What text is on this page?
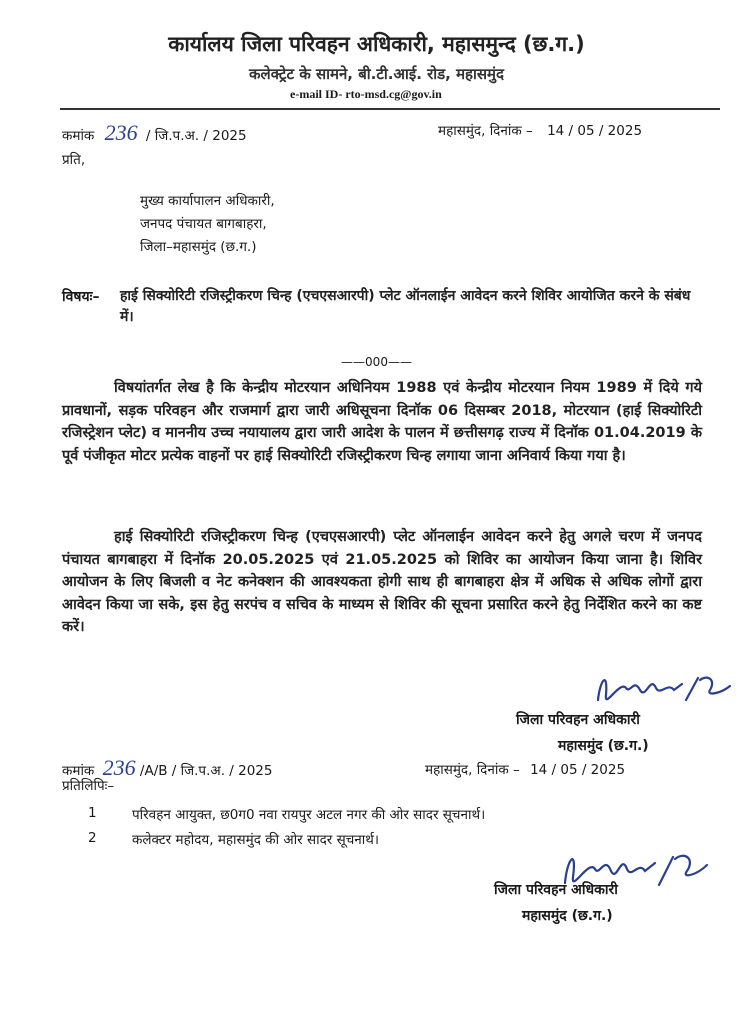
कार्यालय जिला परिवहन अधिकारी, महासमुन्द (छ.ग.)
कलेक्ट्रेट के सामने, बी.टी.आई. रोड, महासमुंद
e-mail ID- rto-msd.cg@gov.in
कमांक 236 / जि.प.अ. / 2025	महासमुंद, दिनांक – 14 / 05 / 2025
प्रति,
मुख्य कार्यापालन अधिकारी,
जनपद पंचायत बागबाहरा,
जिला–महासमुंद (छ.ग.)
विषयः– हाई सिक्योरिटी रजिस्ट्रीकरण चिन्ह (एचएसआरपी) प्लेट ऑनलाईन आवेदन करने शिविर आयोजित करने के संबंध में।
——000——
विषयांतर्गत लेख है कि केन्द्रीय मोटरयान अधिनियम 1988 एवं केन्द्रीय मोटरयान नियम 1989 में दिये गये प्रावधानों, सड़क परिवहन और राजमार्ग द्वारा जारी अधिसूचना दिनॉक 06 दिसम्बर 2018, मोटरयान (हाई सिक्योरिटी रजिस्ट्रेशन प्लेट) व माननीय उच्च नयायालय द्वारा जारी आदेश के पालन में छत्तीसगढ़ राज्य में दिनॉक 01.04.2019 के पूर्व पंजीकृत मोटर प्रत्येक वाहनों पर हाई सिक्योरिटी रजिस्ट्रीकरण चिन्ह लगाया जाना अनिवार्य किया गया है।
हाई सिक्योरिटी रजिस्ट्रीकरण चिन्ह (एचएसआरपी) प्लेट ऑनलाईन आवेदन करने हेतु अगले चरण में जनपद पंचायत बागबाहरा में दिनॉक 20.05.2025 एवं 21.05.2025 को शिविर का आयोजन किया जाना है। शिविर आयोजन के लिए बिजली व नेट कनेक्शन की आवश्यकता होगी साथ ही बागबाहरा क्षेत्र में अधिक से अधिक लोगों द्वारा आवेदन किया जा सके, इस हेतु सरपंच व सचिव के माध्यम से शिविर की सूचना प्रसारित करने हेतु निर्देशित करने का कष्ट करें।
जिला परिवहन अधिकारी
महासमुंद (छ.ग.)
कमांक 236 /A/B / जि.प.अ. / 2025	महासमुंद, दिनांक – 14 / 05 / 2025
प्रतिलिपिः–
1	परिवहन आयुक्त, छ0ग0 नवा रायपुर अटल नगर की ओर सादर सूचनार्थ।
2	कलेक्टर महोदय, महासमुंद की ओर सादर सूचनार्थ।
जिला परिवहन अधिकारी
महासमुंद (छ.ग.)
